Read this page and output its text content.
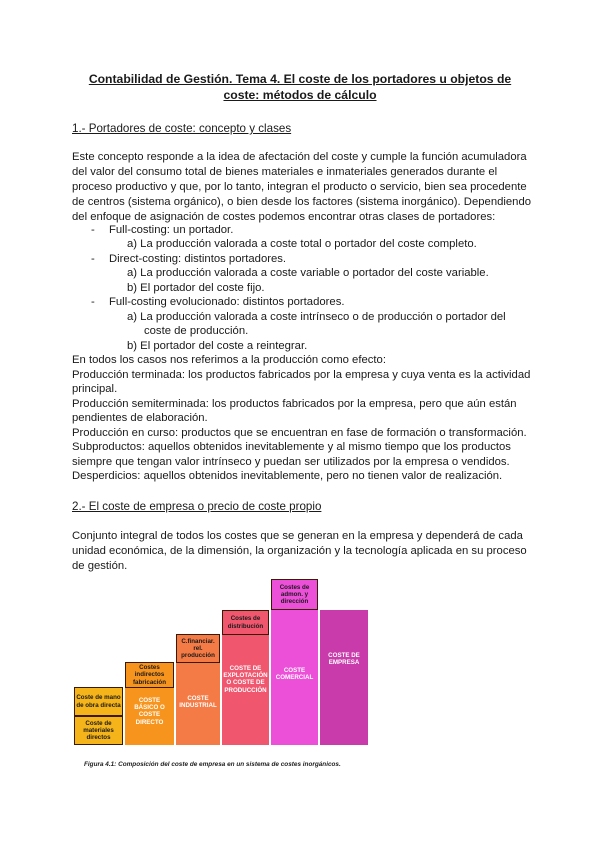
Contabilidad de Gestión. Tema 4. El coste de los portadores u objetos de
coste: métodos de cálculo
1.- Portadores de coste: concepto y clases
Este concepto responde a la idea de afectación del coste y cumple la función acumuladora del valor del consumo total de bienes materiales e inmateriales generados durante el proceso productivo y que, por lo tanto, integran el producto o servicio, bien sea procedente de centros (sistema orgánico), o bien desde los factores (sistema inorgánico). Dependiendo del enfoque de asignación de costes podemos encontrar otras clases de portadores:
- Full-costing: un portador.
a) La producción valorada a coste total o portador del coste completo.
- Direct-costing: distintos portadores.
a) La producción valorada a coste variable o portador del coste variable.
b) El portador del coste fijo.
- Full-costing evolucionado: distintos portadores.
a) La producción valorada a coste intrínseco o de producción o portador del
coste de producción.
b) El portador del coste a reintegrar.
En todos los casos nos referimos a la producción como efecto:
Producción terminada: los productos fabricados por la empresa y cuya venta es la actividad
principal.
Producción semiterminada: los productos fabricados por la empresa, pero que aún están
pendientes de elaboración.
Producción en curso: productos que se encuentran en fase de formación o transformación.
Subproductos: aquellos obtenidos inevitablemente y al mismo tiempo que los productos
siempre que tengan valor intrínseco y puedan ser utilizados por la empresa o vendidos.
Desperdicios: aquellos obtenidos inevitablemente, pero no tienen valor de realización.
2.- El coste de empresa o precio de coste propio
Conjunto integral de todos los costes que se generan en la empresa y dependerá de cada unidad económica, de la dimensión, la organización y la tecnología aplicada en su proceso de gestión.
Coste de mano de obra directa
Coste de materiales directos
Costes indirectos fabricación
COSTE BÁSICO O COSTE DIRECTO
C.financiar. rel. producción
COSTE INDUSTRIAL
Costes de distribución
COSTE DE EXPLOTACIÓN O COSTE DE PRODUCCIÓN
Costes de admon. y dirección
COSTE COMERCIAL
COSTE DE EMPRESA
Figura 4.1: Composición del coste de empresa en un sistema de costes inorgánicos.
